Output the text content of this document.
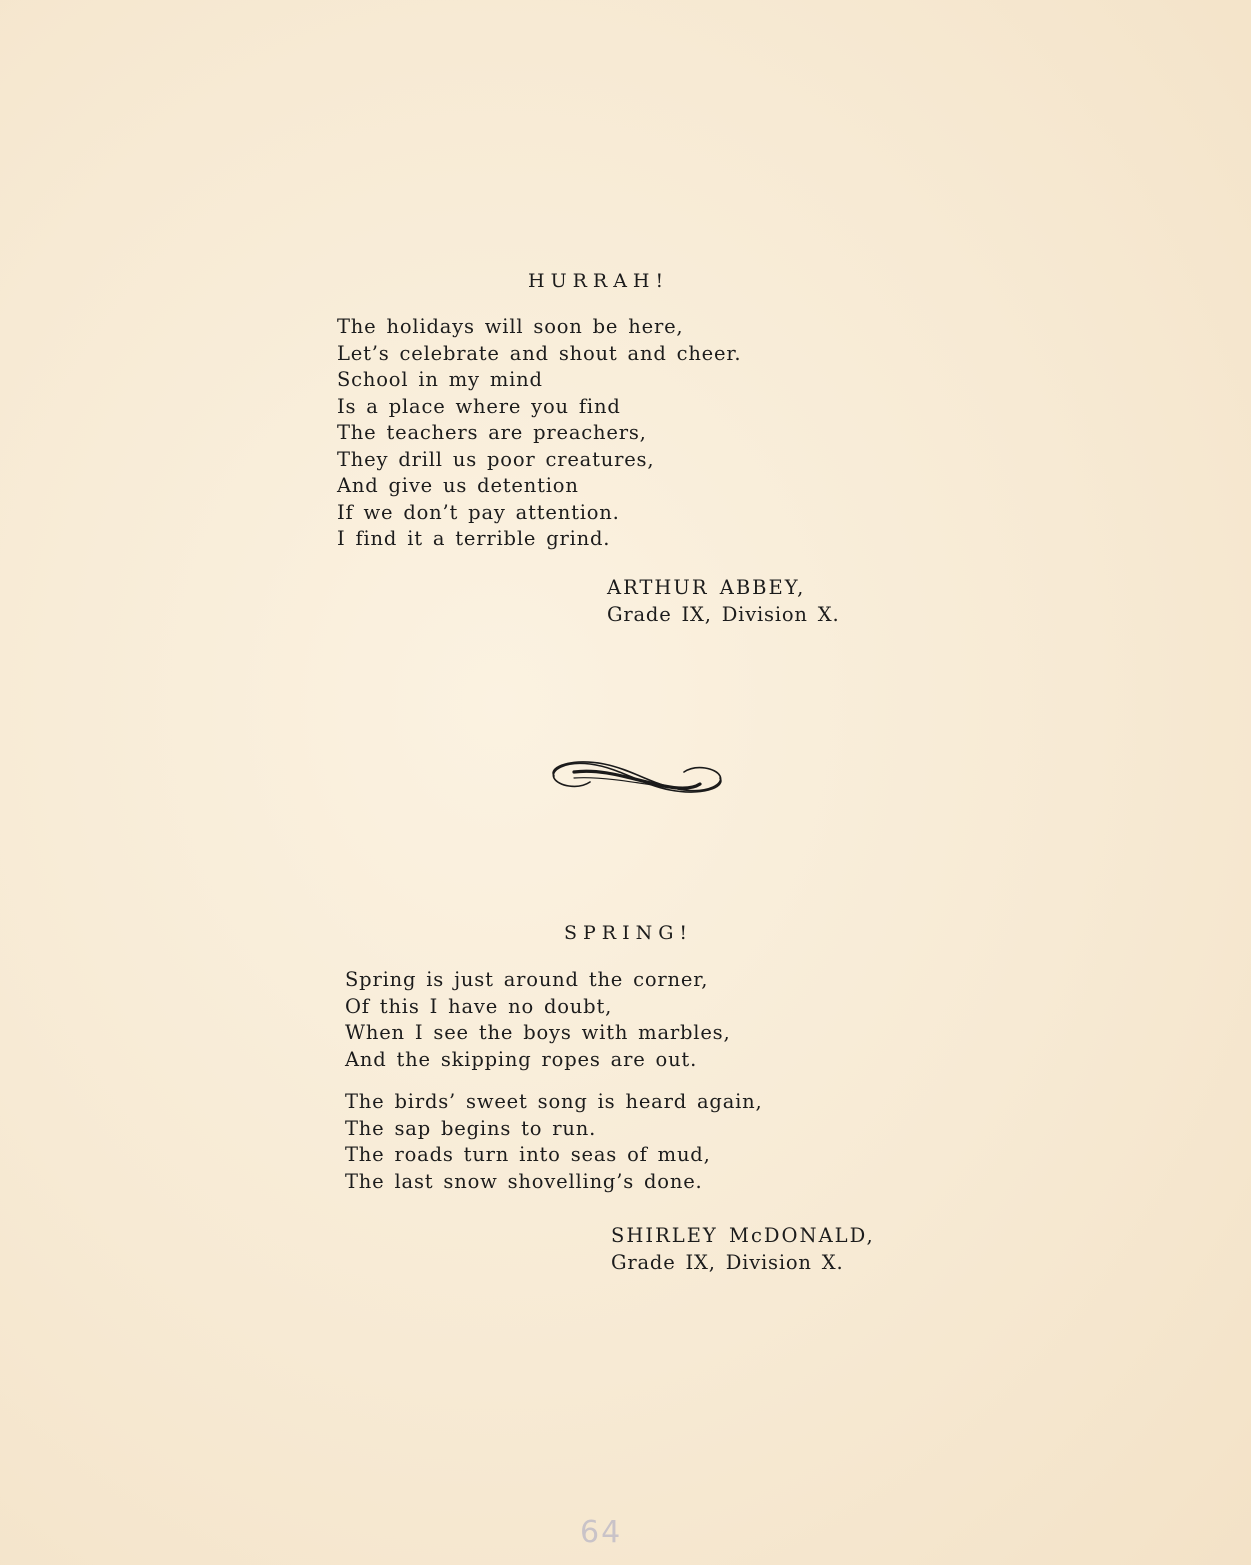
HURRAH!
The holidays will soon be here,
Let’s celebrate and shout and cheer.
School in my mind
Is a place where you find
The teachers are preachers,
They drill us poor creatures,
And give us detention
If we don’t pay attention.
I find it a terrible grind.
ARTHUR ABBEY,
Grade IX, Division X.
SPRING!
Spring is just around the corner,
Of this I have no doubt,
When I see the boys with marbles,
And the skipping ropes are out.
The birds’ sweet song is heard again,
The sap begins to run.
The roads turn into seas of mud,
The last snow shovelling’s done.
SHIRLEY McDONALD,
Grade IX, Division X.
64
